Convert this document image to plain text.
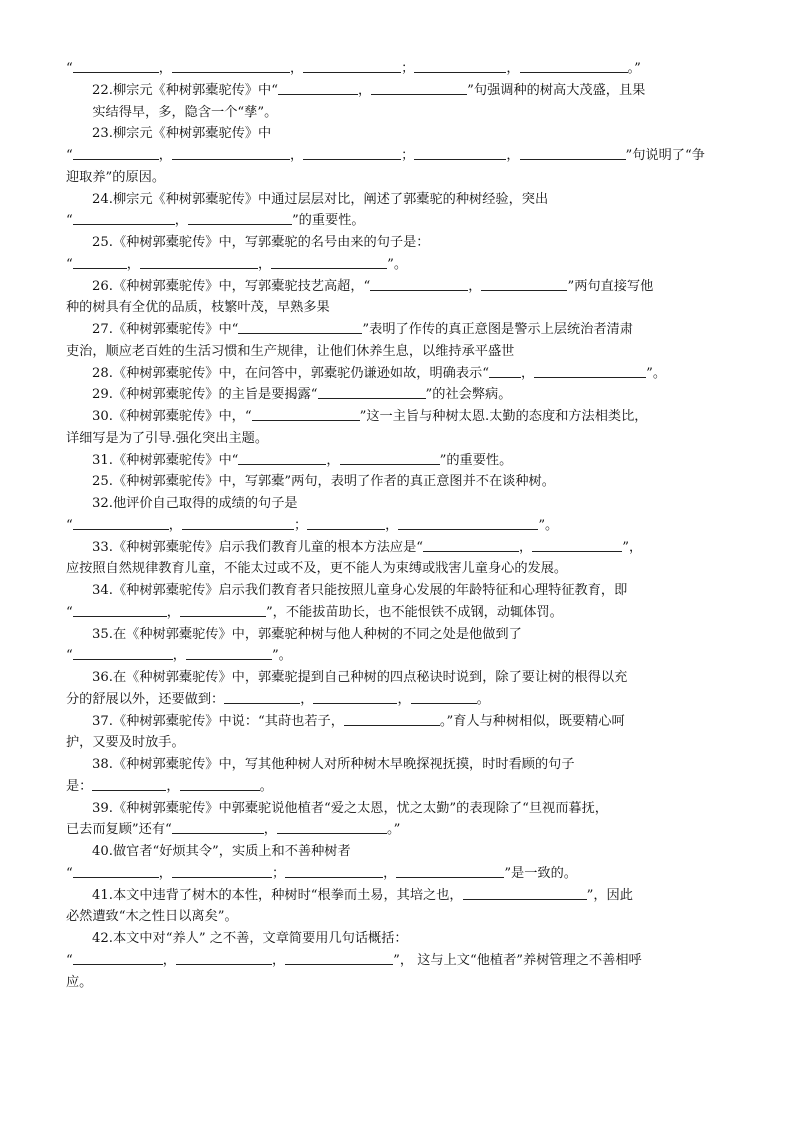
“	，	，	；	，	。”
22.柳宗元《种树郭橐驼传》中“	，	”句强调种的树高大茂盛，且果
　　实结得早，多，隐含一个“孳”。
23.柳宗元《种树郭橐驼传》中
“	，	，	；	，	”句说明了“争
迎取养”的原因。
24.柳宗元《种树郭橐驼传》中通过层层对比，阐述了郭橐驼的种树经验，突出
“	，	”的重要性。
25.《种树郭橐驼传》中，写郭橐驼的名号由来的句子是：
“	，	，	”。
26.《种树郭橐驼传》中，写郭橐驼技艺高超，“	，	”两句直接写他
种的树具有全优的品质，枝繁叶茂，早熟多果
27.《种树郭橐驼传》中“	”表明了作传的真正意图是警示上层统治者清肃
吏治，顺应老百姓的生活习惯和生产规律，让他们休养生息，以维持承平盛世
28.《种树郭橐驼传》中，在问答中，郭橐驼仍谦逊如故，明确表示“ ，	”。
29.《种树郭橐驼传》的主旨是要揭露“	”的社会弊病。
30.《种树郭橐驼传》中，“	”这一主旨与种树太恩.太勤的态度和方法相类比，
详细写是为了引导.强化突出主题。
31.《种树郭橐驼传》中“	，	”的重要性。
25.《种树郭橐驼传》中，写郭橐”两句，表明了作者的真正意图并不在谈种树。
32.他评价自己取得的成绩的句子是
“	，	；	，	”。
33.《种树郭橐驼传》启示我们教育儿童的根本方法应是“	，	”，
应按照自然规律教育儿童，不能太过或不及，更不能人为束缚或戕害儿童身心的发展。
34.《种树郭橐驼传》启示我们教育者只能按照儿童身心发展的年龄特征和心理特征教育，即
“	，	”，不能拔苗助长，也不能恨铁不成钢，动辄体罚。
35.在《种树郭橐驼传》中，郭橐驼种树与他人种树的不同之处是他做到了
“	，	”。
36.在《种树郭橐驼传》中，郭橐驼提到自己种树的四点秘诀时说到，除了要让树的根得以充
分的舒展以外，还要做到：	，	，	。
37.《种树郭橐驼传》中说：“其莳也若子，	。”育人与种树相似，既要精心呵
护，又要及时放手。
38.《种树郭橐驼传》中，写其他种树人对所种树木早晚探视抚摸，时时看顾的句子
是：	，	。
39.《种树郭橐驼传》中郭橐驼说他植者“爱之太恩，忧之太勤”的表现除了“旦视而暮抚，
已去而复顾”还有“	，	。”
40.做官者“好烦其令”，实质上和不善种树者
“	，	；	，	”是一致的。
41.本文中违背了树木的本性，种树时“根拳而土易，其培之也，	”，因此
必然遭致“木之性日以离矣”。
42.本文中对“养人” 之不善，文章简要用几句话概括：
“	，	，	”， 这与上文“他植者”养树管理之不善相呼
应。
